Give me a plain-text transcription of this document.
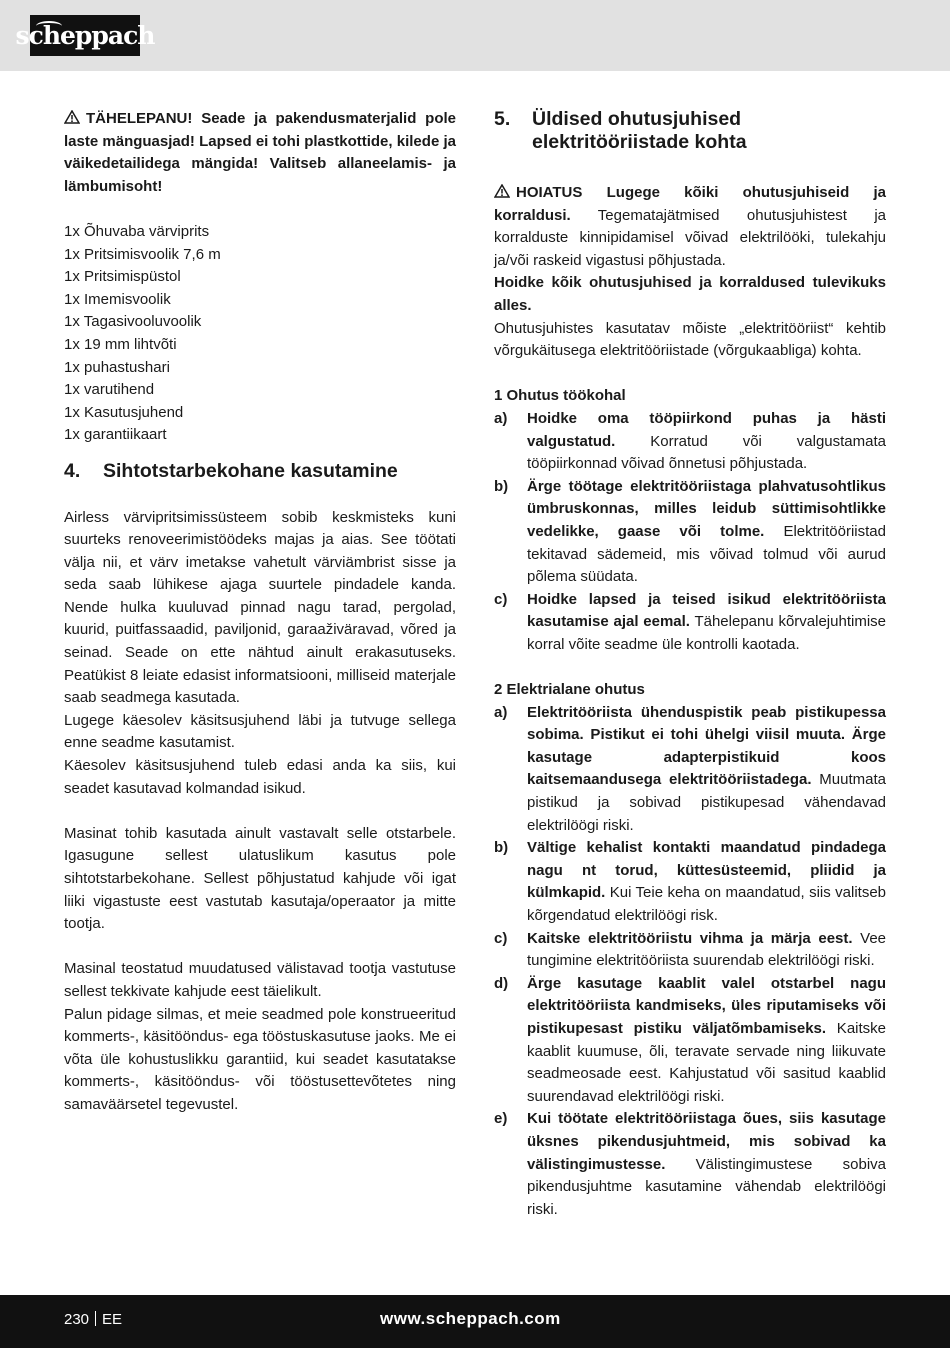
scheppach

TÄHELEPANU! Seade ja pakendusmaterjalid pole laste mänguasjad! Lapsed ei tohi plastkottide, kilede ja väikedetailidega mängida! Valitseb allaneelamis- ja lämbumisoht!

1x Õhuvaba värviprits
1x Pritsimisvoolik 7,6 m
1x Pritsimispüstol
1x Imemisvoolik
1x Tagasivooluvoolik
1x 19 mm lihtvõti
1x puhastushari
1x varutihend
1x Kasutusjuhend
1x garantiikaart
4.	Sihtotstarbekohane kasutamine

Airless värvipritsimissüsteem sobib keskmisteks kuni suurteks renoveerimistöödeks majas ja aias. See töötati välja nii, et värv imetakse vahetult värviämbrist sisse ja seda saab lühikese ajaga suurtele pindadele kanda. Nende hulka kuuluvad pinnad nagu tarad, pergolad, kuurid, puitfassaadid, paviljonid, garaaživäravad, võred ja seinad. Seade on ette nähtud ainult erakasutuseks. Peatükist 8 leiate edasist informatsiooni, milliseid materjale saab seadmega kasutada.

Lugege käesolev käsitsusjuhend läbi ja tutvuge sellega enne seadme kasutamist.

Käesolev käsitsusjuhend tuleb edasi anda ka siis, kui seadet kasutavad kolmandad isikud.

Masinat tohib kasutada ainult vastavalt selle otstarbele. Igasugune sellest ulatuslikum kasutus pole sihtotstarbekohane. Sellest põhjustatud kahjude või igat liiki vigastuste eest vastutab kasutaja/operaator ja mitte tootja.

Masinal teostatud muudatused välistavad tootja vastutuse sellest tekkivate kahjude eest täielikult.

Palun pidage silmas, et meie seadmed pole konstrueeritud kommerts-, käsitööndus- ega tööstuskasutuse jaoks. Me ei võta üle kohustuslikku garantiid, kui seadet kasutatakse kommerts-, käsitööndus- või tööstusettevõtetes ning samaväärsetel tegevustel.

5.	Üldised ohutusjuhised elektritööriistade kohta

HOIATUS Lugege kõiki ohutusjuhiseid ja korraldusi. Tegematajätmised ohutusjuhistest ja korralduste kinnipidamisel võivad elektrilööki, tulekahju ja/või raskeid vigastusi põhjustada.

Hoidke kõik ohutusjuhised ja korraldused tulevikuks alles.

Ohutusjuhistes kasutatav mõiste „elektritööriist“ kehtib võrgukäitusega elektritööriistade (võrgukaabliga) kohta.

1 Ohutus töökohal

a)	Hoidke oma tööpiirkond puhas ja hästi valgustatud. Korratud või valgustamata tööpiirkonnad võivad õnnetusi põhjustada.
b)	Ärge töötage elektritööriistaga plahvatusohtlikus ümbruskonnas, milles leidub süttimisohtlikke vedelikke, gaase või tolme. Elektritööriistad tekitavad sädemeid, mis võivad tolmud või aurud põlema süüdata.
c)	Hoidke lapsed ja teised isikud elektritööriista kasutamise ajal eemal. Tähelepanu kõrvalejuhtimise korral võite seadme üle kontrolli kaotada.

2 Elektrialane ohutus

a)	Elektritööriista ühenduspistik peab pistikupessa sobima. Pistikut ei tohi ühelgi viisil muuta. Ärge kasutage adapterpistikuid koos kaitsemaandusega elektritööriistadega. Muutmata pistikud ja sobivad pistikupesad vähendavad elektrilöögi riski.
b)	Vältige kehalist kontakti maandatud pindadega nagu nt torud, küttesüsteemid, pliidid ja külmkapid. Kui Teie keha on maandatud, siis valitseb kõrgendatud elektrilöögi risk.
c)	Kaitske elektritööriistu vihma ja märja eest. Vee tungimine elektritööriista suurendab elektrilöögi riski.
d)	Ärge kasutage kaablit valel otstarbel nagu elektritööriista kandmiseks, üles riputamiseks või pistikupesast pistiku väljatõmbamiseks. Kaitske kaablit kuumuse, õli, teravate servade ning liikuvate seadmeosade eest. Kahjustatud või sasitud kaablid suurendavad elektrilöögi riski.
e)	Kui töötate elektritööriistaga õues, siis kasutage üksnes pikendusjuhtmeid, mis sobivad ka välistingimustesse. Välistingimustese sobiva pikendusjuhtme kasutamine vähendab elektrilöögi riski.
230 EE	www.scheppach.com
